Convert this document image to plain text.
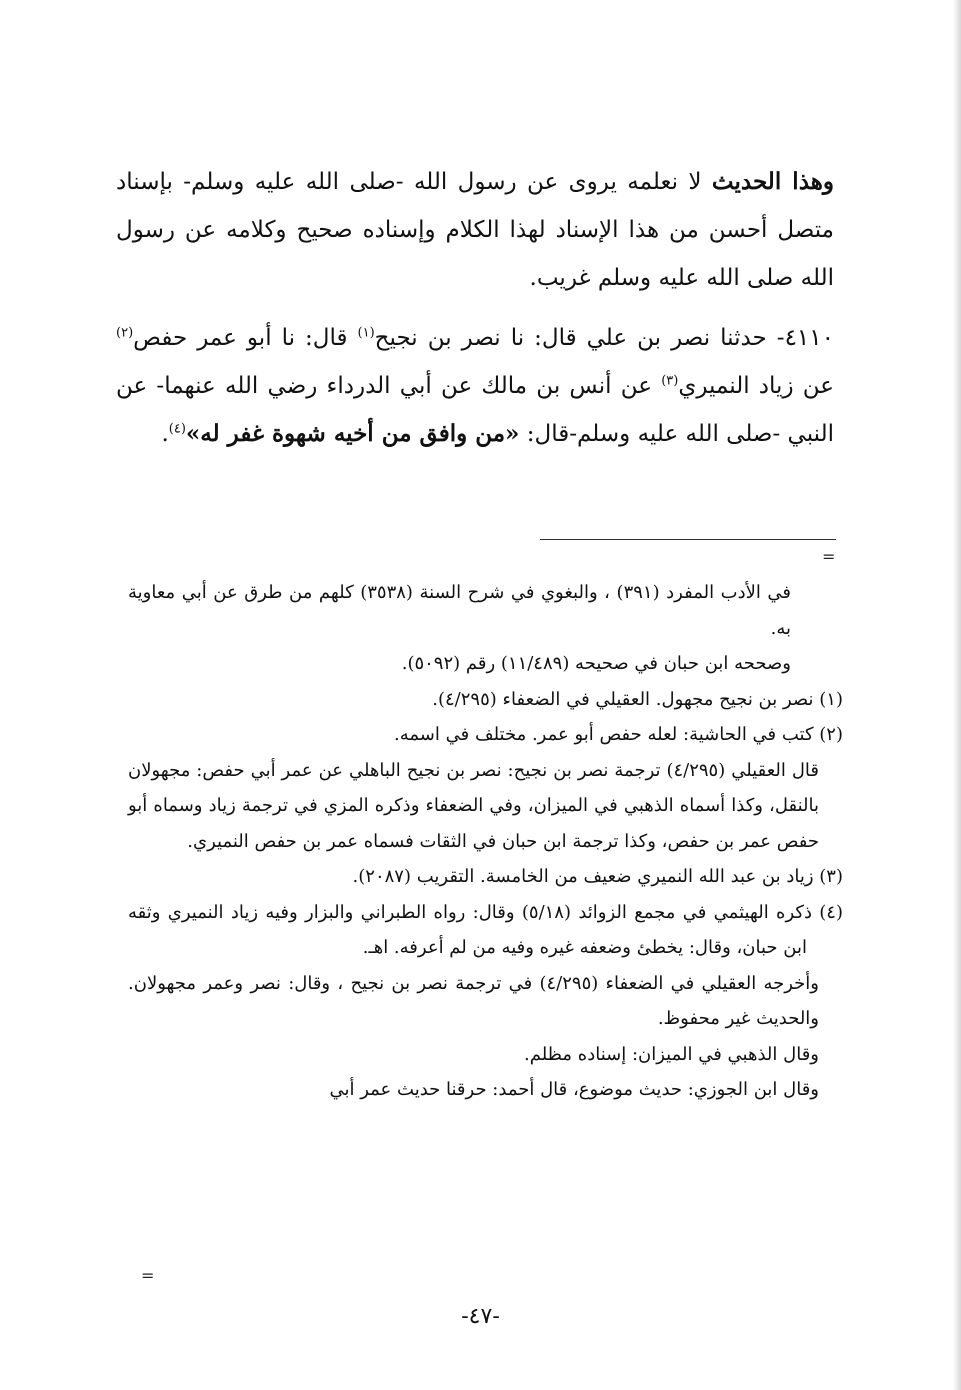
وهذا الحديث لا نعلمه يروى عن رسول الله -صلى الله عليه وسلم- بإسناد متصل أحسن من هذا الإسناد لهذا الكلام وإسناده صحيح وكلامه عن رسول الله صلى الله عليه وسلم غريب.

٤١١٠- حدثنا نصر بن علي قال: نا نصر بن نجيح$^{(١)}$ قال: نا أبو عمر حفص$^{(٢)}$ عن زياد النميري$^{(٣)}$ عن أنس بن مالك عن أبي الدرداء رضي الله عنهما- عن النبي -صلى الله عليه وسلم-قال: «من وافق من أخيه شهوة غفر له»$^{(٤)}$.

=

في الأدب المفرد (٣٩١) ، والبغوي في شرح السنة (٣٥٣٨) كلهم من طرق عن أبي معاوية به.

وصححه ابن حبان في صحيحه (١١/٤٨٩) رقم (٥٠٩٢).

(١) نصر بن نجيح مجهول. العقيلي في الضعفاء (٤/٢٩٥).

(٢) كتب في الحاشية: لعله حفص أبو عمر. مختلف في اسمه.

قال العقيلي (٤/٢٩٥) ترجمة نصر بن نجيح: نصر بن نجيح الباهلي عن عمر أبي حفص: مجهولان بالنقل، وكذا أسماه الذهبي في الميزان، وفي الضعفاء وذكره المزي في ترجمة زياد وسماه أبو حفص عمر بن حفص، وكذا ترجمة ابن حبان في الثقات فسماه عمر بن حفص النميري.

(٣) زياد بن عبد الله النميري ضعيف من الخامسة. التقريب (٢٠٨٧).

(٤) ذكره الهيثمي في مجمع الزوائد (٥/١٨) وقال: رواه الطبراني والبزار وفيه زياد النميري وثقه ابن حبان، وقال: يخطئ وضعفه غيره وفيه من لم أعرفه. اهـ.

وأخرجه العقيلي في الضعفاء (٤/٢٩٥) في ترجمة نصر بن نجيح ، وقال: نصر وعمر مجهولان. والحديث غير محفوظ.

وقال الذهبي في الميزان: إسناده مظلم.

وقال ابن الجوزي: حديث موضوع، قال أحمد: حرقنا حديث عمر أبي

=
-٤٧-
